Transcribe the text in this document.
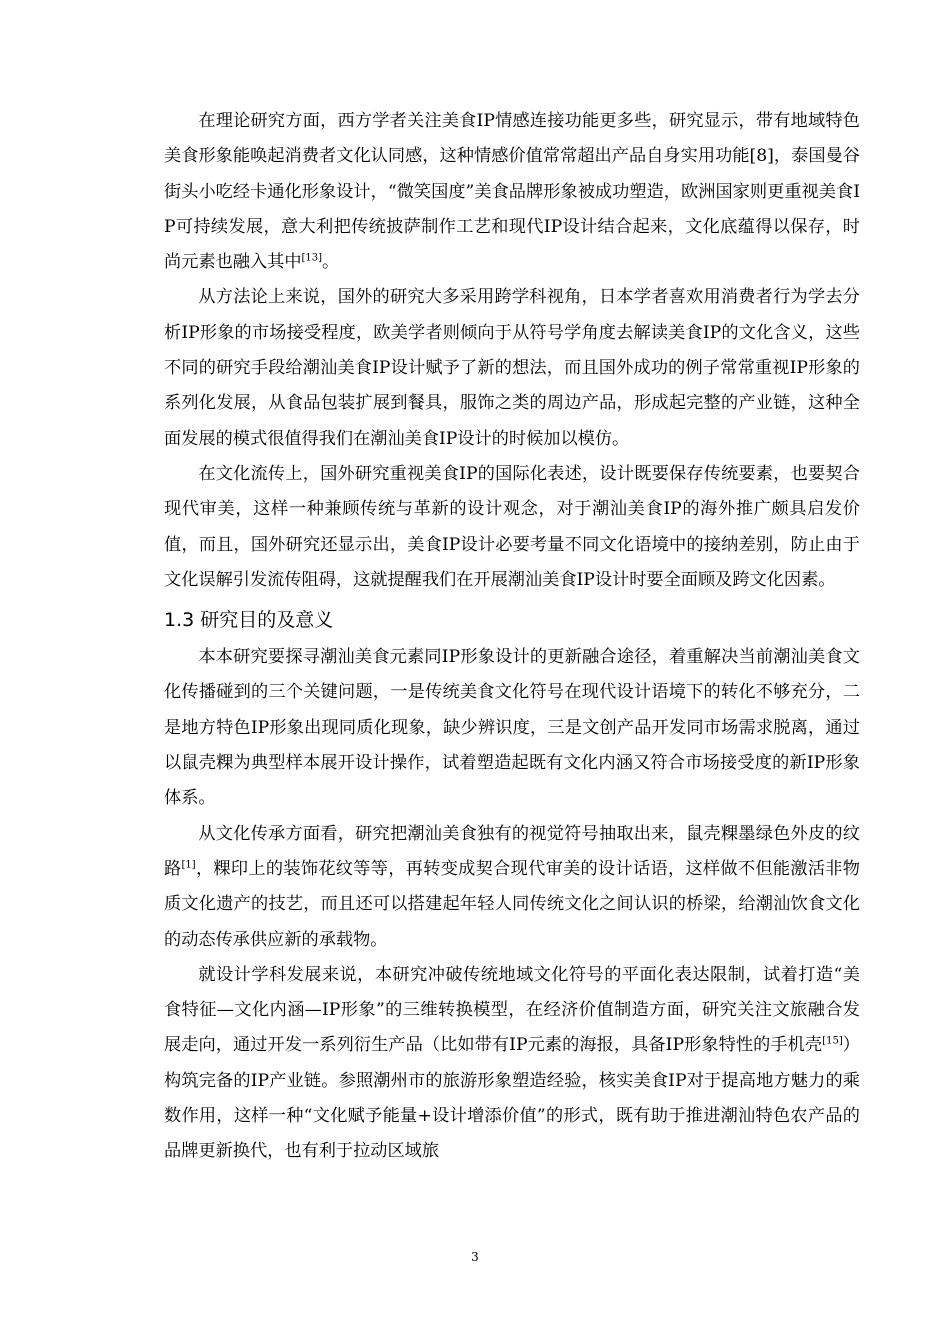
在理论研究方面，西方学者关注美食IP情感连接功能更多些，研究显示，带有地域特色美食形象能唤起消费者文化认同感，这种情感价值常常超出产品自身实用功能[8]，泰国曼谷街头小吃经卡通化形象设计，“微笑国度”美食品牌形象被成功塑造，欧洲国家则更重视美食IP可持续发展，意大利把传统披萨制作工艺和现代IP设计结合起来，文化底蕴得以保存，时尚元素也融入其中[13]。

从方法论上来说，国外的研究大多采用跨学科视角，日本学者喜欢用消费者行为学去分析IP形象的市场接受程度，欧美学者则倾向于从符号学角度去解读美食IP的文化含义，这些不同的研究手段给潮汕美食IP设计赋予了新的想法，而且国外成功的例子常常重视IP形象的系列化发展，从食品包装扩展到餐具，服饰之类的周边产品，形成起完整的产业链，这种全面发展的模式很值得我们在潮汕美食IP设计的时候加以模仿。

在文化流传上，国外研究重视美食IP的国际化表述，设计既要保存传统要素，也要契合现代审美，这样一种兼顾传统与革新的设计观念，对于潮汕美食IP的海外推广颇具启发价值，而且，国外研究还显示出，美食IP设计必要考量不同文化语境中的接纳差别，防止由于文化误解引发流传阻碍，这就提醒我们在开展潮汕美食IP设计时要全面顾及跨文化因素。

1.3 研究目的及意义

本本研究要探寻潮汕美食元素同IP形象设计的更新融合途径，着重解决当前潮汕美食文化传播碰到的三个关键问题，一是传统美食文化符号在现代设计语境下的转化不够充分，二是地方特色IP形象出现同质化现象，缺少辨识度，三是文创产品开发同市场需求脱离，通过以鼠壳粿为典型样本展开设计操作，试着塑造起既有文化内涵又符合市场接受度的新IP形象体系。

从文化传承方面看，研究把潮汕美食独有的视觉符号抽取出来，鼠壳粿墨绿色外皮的纹路[1]，粿印上的装饰花纹等等，再转变成契合现代审美的设计话语，这样做不但能激活非物质文化遗产的技艺，而且还可以搭建起年轻人同传统文化之间认识的桥梁，给潮汕饮食文化的动态传承供应新的承载物。

就设计学科发展来说，本研究冲破传统地域文化符号的平面化表达限制，试着打造“美食特征—文化内涵—IP形象”的三维转换模型，在经济价值制造方面，研究关注文旅融合发展走向，通过开发一系列衍生产品（比如带有IP元素的海报，具备IP形象特性的手机壳[15]）构筑完备的IP产业链。参照潮州市的旅游形象塑造经验，核实美食IP对于提高地方魅力的乘数作用，这样一种“文化赋予能量+设计增添价值”的形式，既有助于推进潮汕特色农产品的品牌更新换代，也有利于拉动区域旅

3
